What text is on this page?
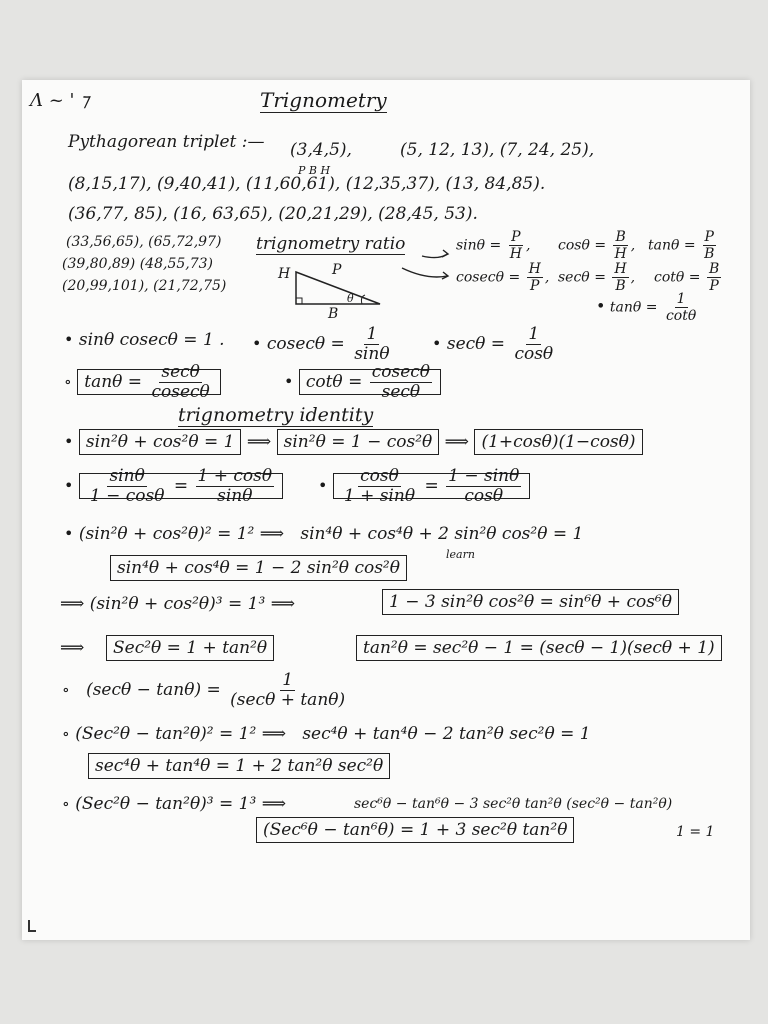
Λ ~ ' ⁊	Trignometry
Pythagorean triplet :— (3,4,5),
P B H
(5, 12, 13), (7, 24, 25),
(8,15,17), (9,40,41), (11,60,61), (12,35,37), (13, 84,85).
(36,77, 85), (16, 63,65), (20,21,29), (28,45, 53).
(33,56,65), (65,72,97)
(39,80,89) (48,55,73)
(20,99,101), (21,72,75)
trignometry ratio	$\sin\theta = \frac{P}{H}$ , $\cos\theta = \frac{B}{H}$ , $\tan\theta = \frac{P}{B}$
$cosec\theta = \frac{H}{P}$ , $\sec\theta = \frac{H}{B}$ , $\cot\theta = \frac{B}{P}$
H	P
B
θ	• $\tan\theta = \frac{1}{\cot\theta}$
• sinθ cosecθ = 1 . • $cosec\theta = \frac{1}{\sin\theta}$	• $\sec\theta = \frac{1}{\cos\theta}$
∘ $\tan\theta = \frac{\sec\theta}{cosec\theta}$	• $\cot\theta = \frac{cosec\theta}{\sec\theta}$
trignometry identity
• sin²θ + cos²θ = 1 ⟹ sin²θ = 1 − cos²θ ⟹ (1+cosθ)(1−cosθ)
• $\frac{\sin\theta}{1 - \cos\theta} = \frac{1 + \cos\theta}{\sin\theta}$	• $\frac{\cos\theta}{1 + \sin\theta} = \frac{1 - \sin\theta}{\cos\theta}$
• (sin²θ + cos²θ)² = 1² ⟹ sin⁴θ + cos⁴θ + 2 sin²θ cos²θ = 1
learn
sin⁴θ + cos⁴θ = 1 − 2 sin²θ cos²θ
⟹ (sin²θ + cos²θ)³ = 1³ ⟹	1 − 3 sin²θ cos²θ = sin⁶θ + cos⁶θ
⟹ Sec²θ = 1 + tan²θ	tan²θ = sec²θ − 1 = (secθ − 1)(secθ + 1)
∘ $(\sec\theta - \tan\theta) = \frac{1}{(\sec\theta + \tan\theta)}$
∘ (Sec²θ − tan²θ)² = 1² ⟹ sec⁴θ + tan⁴θ − 2 tan²θ sec²θ = 1
sec⁴θ + tan⁴θ = 1 + 2 tan²θ sec²θ
∘ (Sec²θ − tan²θ)³ = 1³ ⟹	sec⁶θ − tan⁶θ − 3 sec²θ tan²θ (sec²θ − tan²θ)
1 = 1
(Sec⁶θ − tan⁶θ) = 1 + 3 sec²θ tan²θ
